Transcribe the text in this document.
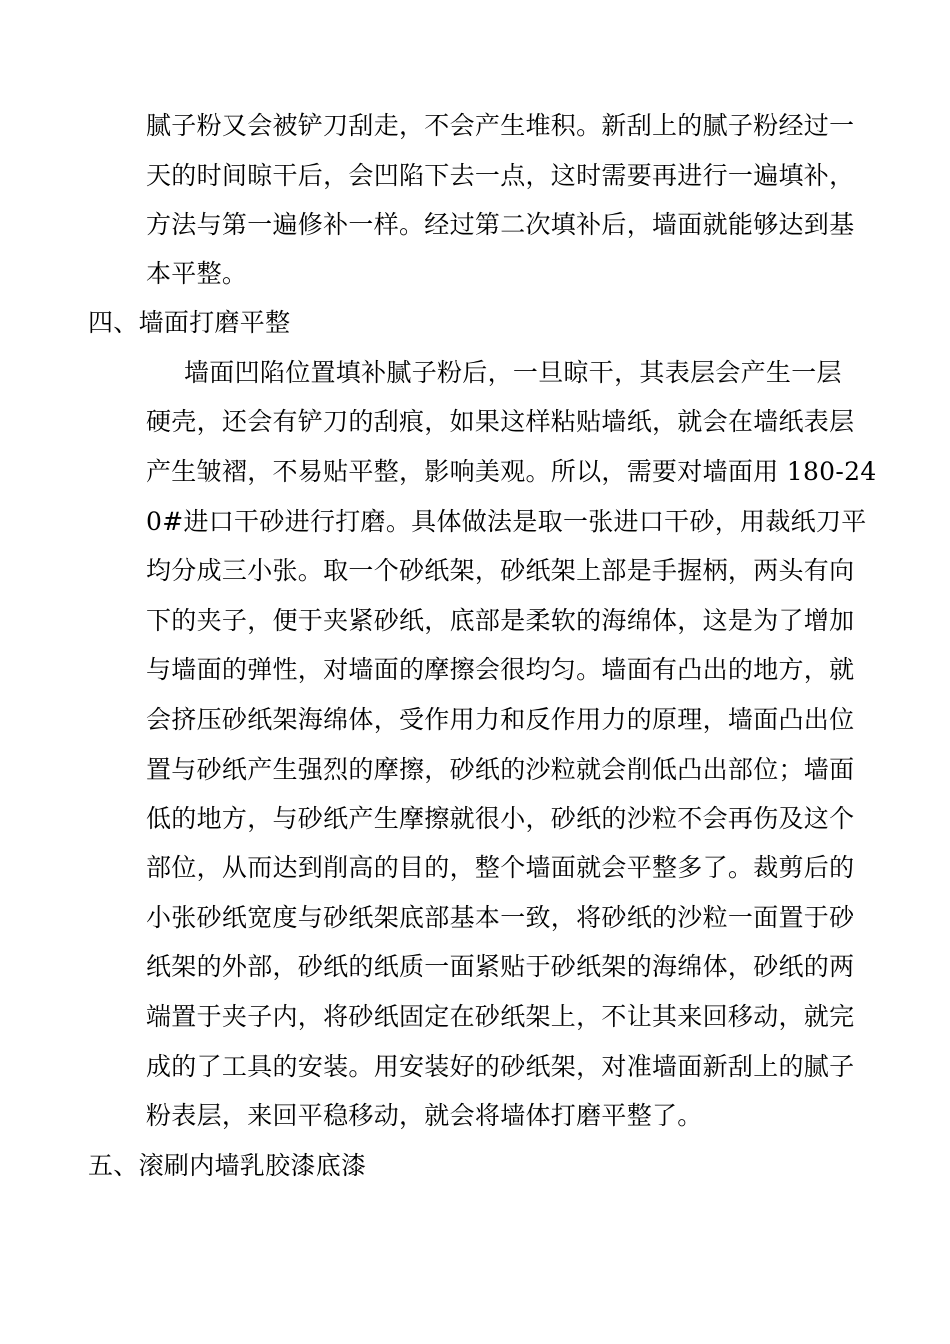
腻子粉又会被铲刀刮走，不会产生堆积。新刮上的腻子粉经过一
天的时间晾干后，会凹陷下去一点，这时需要再进行一遍填补，
方法与第一遍修补一样。经过第二次填补后，墙面就能够达到基
本平整。
四、墙面打磨平整
墙面凹陷位置填补腻子粉后，一旦晾干，其表层会产生一层
硬壳，还会有铲刀的刮痕，如果这样粘贴墙纸，就会在墙纸表层
产生皱褶，不易贴平整，影响美观。所以，需要对墙面用 180-24
0#进口干砂进行打磨。具体做法是取一张进口干砂，用裁纸刀平
均分成三小张。取一个砂纸架，砂纸架上部是手握柄，两头有向
下的夹子，便于夹紧砂纸，底部是柔软的海绵体，这是为了增加
与墙面的弹性，对墙面的摩擦会很均匀。墙面有凸出的地方，就
会挤压砂纸架海绵体，受作用力和反作用力的原理，墙面凸出位
置与砂纸产生强烈的摩擦，砂纸的沙粒就会削低凸出部位；墙面
低的地方，与砂纸产生摩擦就很小，砂纸的沙粒不会再伤及这个
部位，从而达到削高的目的，整个墙面就会平整多了。裁剪后的
小张砂纸宽度与砂纸架底部基本一致，将砂纸的沙粒一面置于砂
纸架的外部，砂纸的纸质一面紧贴于砂纸架的海绵体，砂纸的两
端置于夹子内，将砂纸固定在砂纸架上，不让其来回移动，就完
成的了工具的安装。用安装好的砂纸架，对准墙面新刮上的腻子
粉表层，来回平稳移动，就会将墙体打磨平整了。
五、滚刷内墙乳胶漆底漆
